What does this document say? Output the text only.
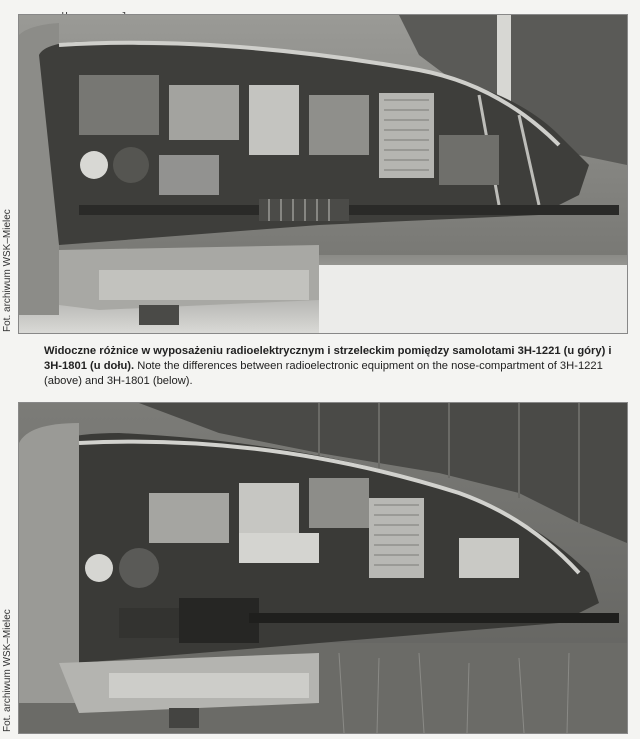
Fot. archiwum WSK–Mielec
Widoczne różnice w wyposażeniu radioelektrycznym i strzeleckim pomiędzy samolotami 3H-1221 (u góry) i 3H-1801 (u dołu). Note the differences between radioelectronic equipment on the nose-compartment of 3H-1221 (above) and 3H-1801 (below).
Fot. archiwum WSK–Mielec
